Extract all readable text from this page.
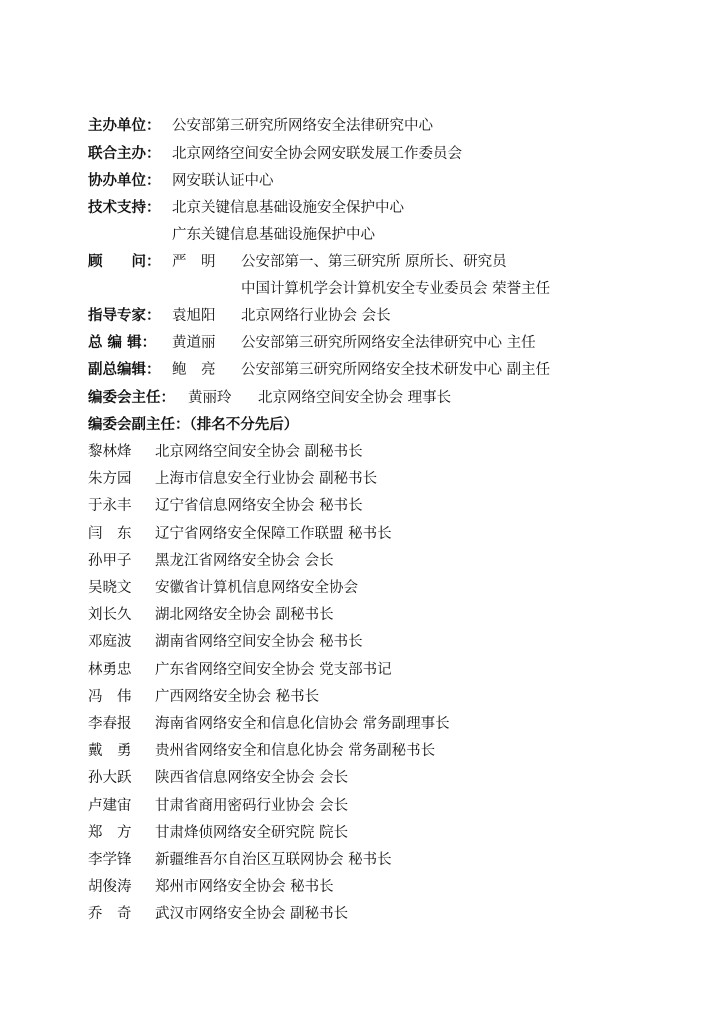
主办单位： 公安部第三研究所网络安全法律研究中心
联合主办： 北京网络空间安全协会网安联发展工作委员会
协办单位： 网安联认证中心
技术支持： 北京关键信息基础设施安全保护中心
广东关键信息基础设施保护中心
顾　　问： 严　明 公安部第一、第三研究所 原所长、研究员
中国计算机学会计算机安全专业委员会 荣誉主任
指导专家： 袁旭阳 北京网络行业协会 会长
总 编 辑： 黄道丽 公安部第三研究所网络安全法律研究中心 主任
副总编辑： 鲍　亮 公安部第三研究所网络安全技术研发中心 副主任
编委会主任： 黄丽玲 北京网络空间安全协会 理事长
编委会副主任：（排名不分先后）
黎林烽 北京网络空间安全协会 副秘书长
朱方园 上海市信息安全行业协会 副秘书长
于永丰 辽宁省信息网络安全协会 秘书长
闫　东 辽宁省网络安全保障工作联盟 秘书长
孙甲子 黑龙江省网络安全协会 会长
吴晓文 安徽省计算机信息网络安全协会
刘长久 湖北网络安全协会 副秘书长
邓庭波 湖南省网络空间安全协会 秘书长
林勇忠 广东省网络空间安全协会 党支部书记
冯　伟 广西网络安全协会 秘书长
李春报 海南省网络安全和信息化信协会 常务副理事长
戴　勇 贵州省网络安全和信息化协会 常务副秘书长
孙大跃 陕西省信息网络安全协会 会长
卢建宙 甘肃省商用密码行业协会 会长
郑　方 甘肃烽侦网络安全研究院 院长
李学锋 新疆维吾尔自治区互联网协会 秘书长
胡俊涛 郑州市网络安全协会 秘书长
乔　奇 武汉市网络安全协会 副秘书长
